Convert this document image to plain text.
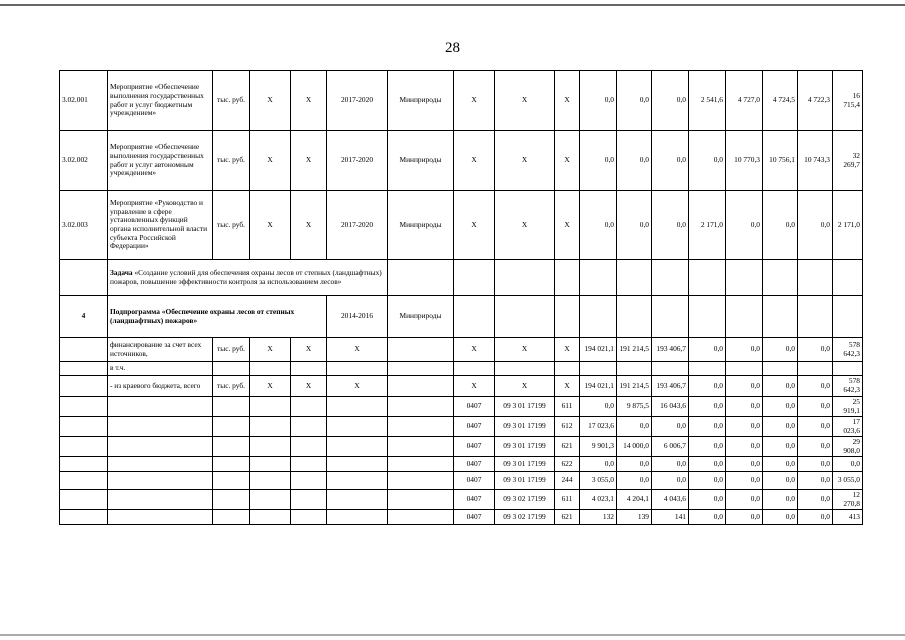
28
3.02.001	Мероприятие «Обеспечение выполнения государственных работ и услуг бюджетным учреждением»	тыс. руб.	X	X	2017-2020	Минприроды	X	X	X	0,0	0,0	0,0	2 541,6	4 727,0	4 724,5	4 722,3	16 715,4
3.02.002	Мероприятие «Обеспечение выполнения государственных работ и услуг автономным учреждением»	тыс. руб.	X	X	2017-2020	Минприроды	X	X	X	0,0	0,0	0,0	0,0	10 770,3	10 756,1	10 743,3	32 269,7
3.02.003	Мероприятие «Руководство и управление в сфере установленных функций органа исполнительной власти субъекта Российской Федерации»	тыс. руб.	X	X	2017-2020	Минприроды	X	X	X	0,0	0,0	0,0	2 171,0	0,0	0,0	0,0	2 171,0
	Задача «Создание условий для обеспечения охраны лесов от степных (ландшафтных) пожаров, повышение эффективности контроля за использованием лесов»																
4	Подпрограмма «Обеспечение охраны лесов от степных (ландшафтных) пожаров»				2014-2016	Минприроды											
	финансирование за счет всех источников,	тыс. руб.	X	X	X		X	X	X	194 021,1	191 214,5	193 406,7	0,0	0,0	0,0	0,0	578 642,3
	в т.ч.																
	- из краевого бюджета, всего	тыс. руб.	X	X	X		X	X	X	194 021,1	191 214,5	193 406,7	0,0	0,0	0,0	0,0	578 642,3
							0407	09 3 01 17199	611	0,0	9 875,5	16 043,6	0,0	0,0	0,0	0,0	25 919,1
							0407	09 3 01 17199	612	17 023,6	0,0	0,0	0,0	0,0	0,0	0,0	17 023,6
							0407	09 3 01 17199	621	9 901,3	14 000,0	6 006,7	0,0	0,0	0,0	0,0	29 908,0
							0407	09 3 01 17199	622	0,0	0,0	0,0	0,0	0,0	0,0	0,0	0,0
							0407	09 3 01 17199	244	3 055,0	0,0	0,0	0,0	0,0	0,0	0,0	3 055,0
							0407	09 3 02 17199	611	4 023,1	4 204,1	4 043,6	0,0	0,0	0,0	0,0	12 270,8
							0407	09 3 02 17199	621	132	139	141	0,0	0,0	0,0	0,0	413
